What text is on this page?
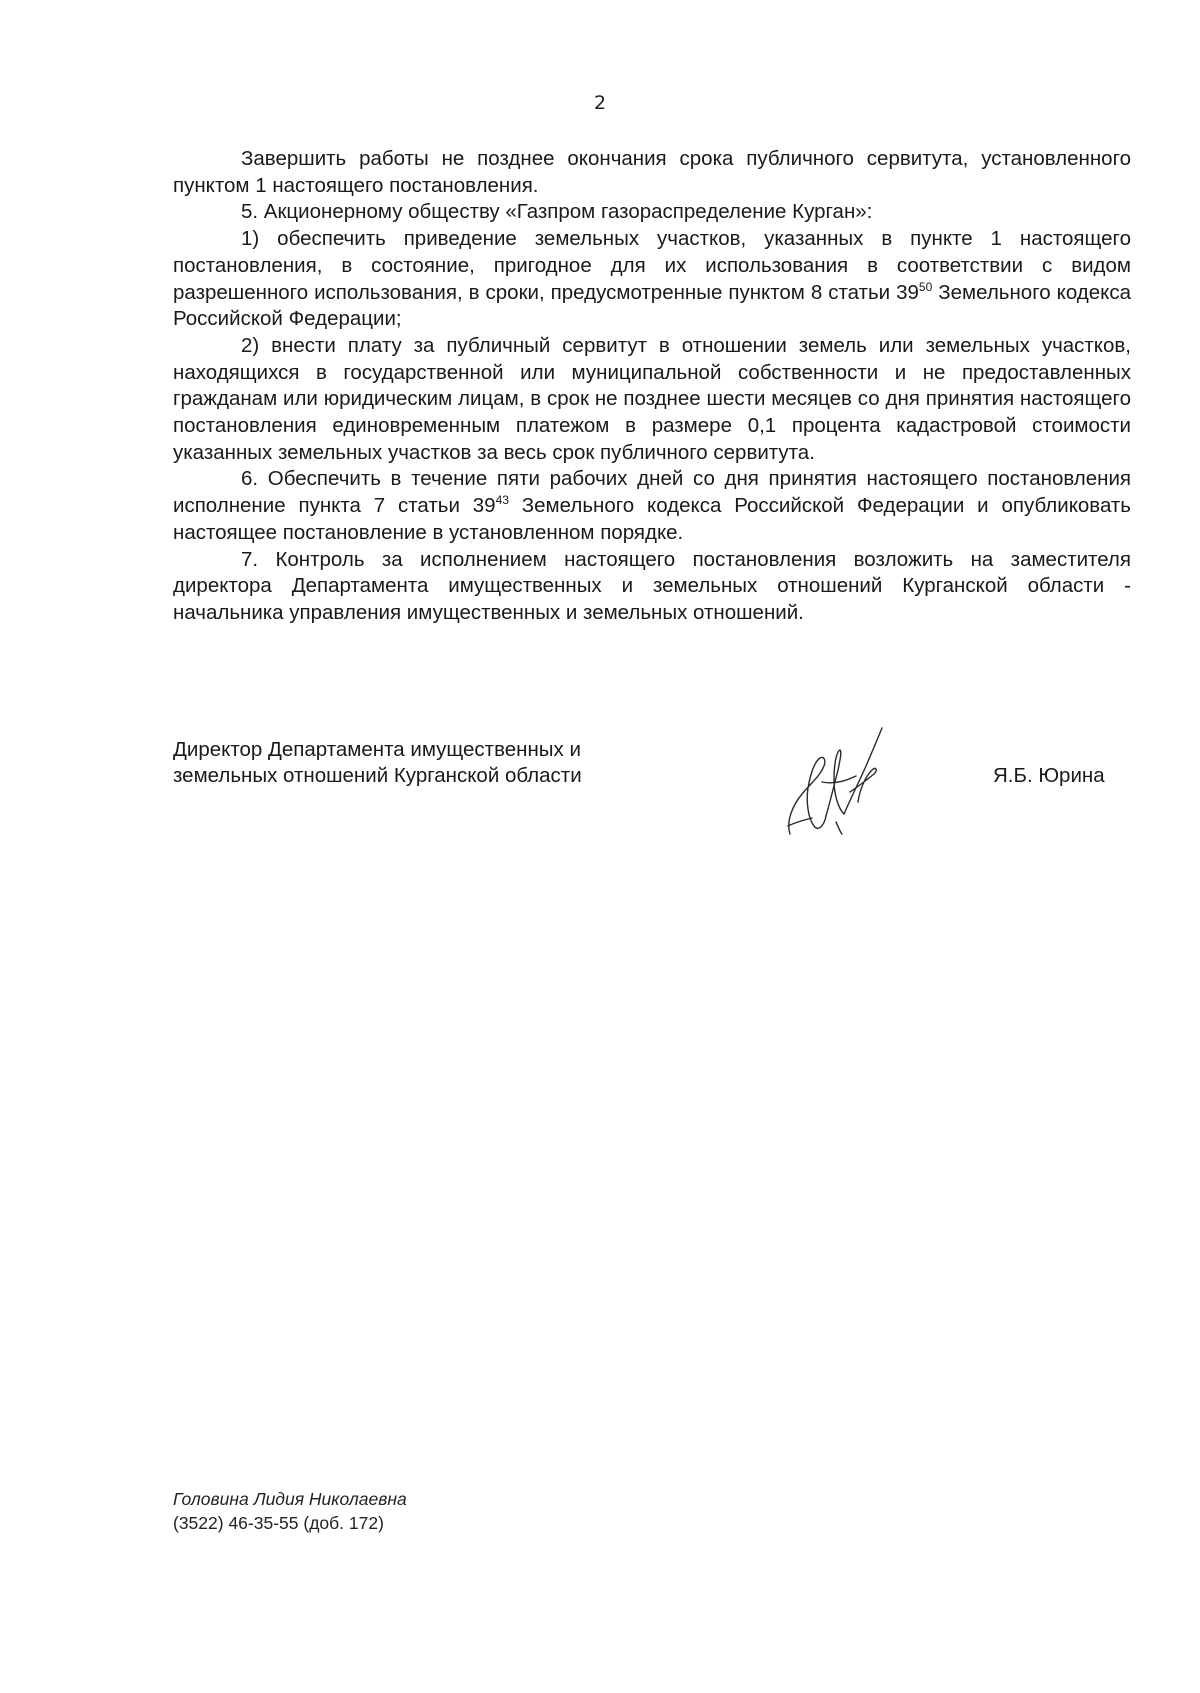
2

Завершить работы не позднее окончания срока публичного сервитута, установленного пунктом 1 настоящего постановления.

5. Акционерному обществу «Газпром газораспределение Курган»:

1) обеспечить приведение земельных участков, указанных в пункте 1 настоящего постановления, в состояние, пригодное для их использования в соответствии с видом разрешенного использования, в сроки, предусмотренные пунктом 8 статьи $39^{50}$ Земельного кодекса Российской Федерации;

2) внести плату за публичный сервитут в отношении земель или земельных участков, находящихся в государственной или муниципальной собственности и не предоставленных гражданам или юридическим лицам, в срок не позднее шести месяцев со дня принятия настоящего постановления единовременным платежом в размере 0,1 процента кадастровой стоимости указанных земельных участков за весь срок публичного сервитута.

6. Обеспечить в течение пяти рабочих дней со дня принятия настоящего постановления исполнение пункта 7 статьи $39^{43}$ Земельного кодекса Российской Федерации и опубликовать настоящее постановление в установленном порядке.

7. Контроль за исполнением настоящего постановления возложить на заместителя директора Департамента имущественных и земельных отношений Курганской области - начальника управления имущественных и земельных отношений.

Директор Департамента имущественных и
земельных отношений Курганской области	Я.Б. Юрина
Головина Лидия Николаевна
(3522) 46-35-55 (доб. 172)
